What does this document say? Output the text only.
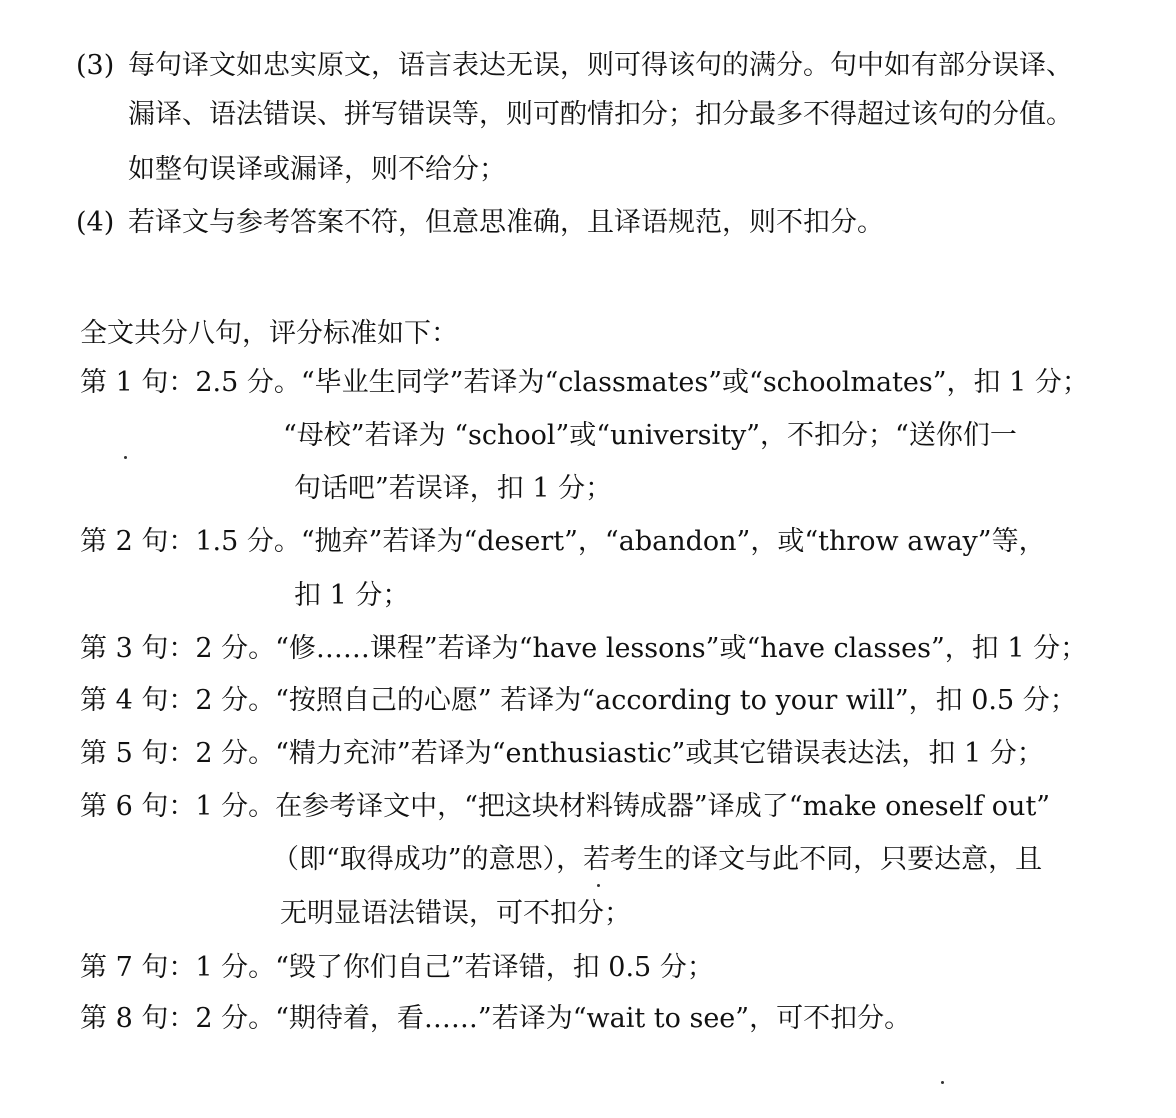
(3) 每句译文如忠实原文，语言表达无误，则可得该句的满分。句中如有部分误译、
漏译、语法错误、拼写错误等，则可酌情扣分；扣分最多不得超过该句的分值。
如整句误译或漏译，则不给分；
(4) 若译文与参考答案不符，但意思准确，且译语规范，则不扣分。
全文共分八句，评分标准如下：
第 1 句：2.5 分。“毕业生同学”若译为“classmates”或“schoolmates”，扣 1 分；
“母校”若译为 “school”或“university”，不扣分；“送你们一
句话吧”若误译，扣 1 分；
第 2 句：1.5 分。“抛弃”若译为“desert”，“abandon”，或“throw away”等，
扣 1 分；
第 3 句：2 分。“修……课程”若译为“have lessons”或“have classes”，扣 1 分；
第 4 句：2 分。“按照自己的心愿” 若译为“according to your will”，扣 0.5 分；
第 5 句：2 分。“精力充沛”若译为“enthusiastic”或其它错误表达法，扣 1 分；
第 6 句：1 分。在参考译文中，“把这块材料铸成器”译成了“make oneself out”
（即“取得成功”的意思），若考生的译文与此不同，只要达意，且
无明显语法错误，可不扣分；
第 7 句：1 分。“毁了你们自己”若译错，扣 0.5 分；
第 8 句：2 分。“期待着，看……”若译为“wait to see”，可不扣分。
